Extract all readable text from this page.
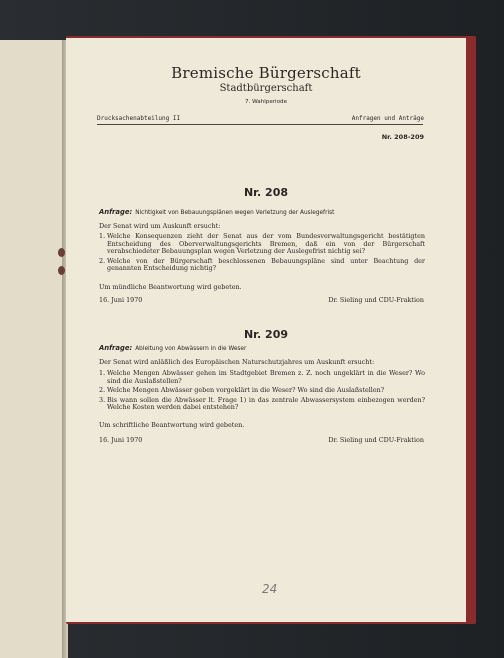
Bremische Bürgerschaft
Stadtbürgerschaft
7. Wahlperiode
Drucksachenabteilung II	Anfragen und Anträge
Nr. 208-209
Nr. 208
Anfrage: Nichtigkeit von Bebauungsplänen wegen Verletzung der Auslegefrist
Der Senat wird um Auskunft ersucht:
1. Welche Konsequenzen zieht der Senat aus der vom Bundesverwaltungsgericht bestätigten Entscheidung des Oberverwaltungsgerichts Bremen, daß ein von der Bürgerschaft verabschiedeter Bebauungsplan wegen Verletzung der Auslegefrist nichtig sei?
2. Welche von der Bürgerschaft beschlossenen Bebauungspläne sind unter Beachtung der genannten Entscheidung nichtig?
Um mündliche Beantwortung wird gebeten.
16. Juni 1970	Dr. Sieling und CDU-Fraktion
Nr. 209
Anfrage: Ableitung von Abwässern in die Weser
Der Senat wird anläßlich des Europäischen Naturschutzjahres um Auskunft ersucht:
1. Welche Mengen Abwässer gehen im Stadtgebiet Bremen z. Z. noch ungeklärt in die Weser? Wo sind die Auslaßstellen?
2. Welche Mengen Abwässer geben vorgeklärt in die Weser? Wo sind die Auslaßstellen?
3. Bis wann sollen die Abwässer lt. Frage 1) in das zentrale Abwassersystem einbezogen werden? Welche Kosten werden dabei entstehen?
Um schriftliche Beantwortung wird gebeten.
16. Juni 1970	Dr. Sieling und CDU-Fraktion
24
